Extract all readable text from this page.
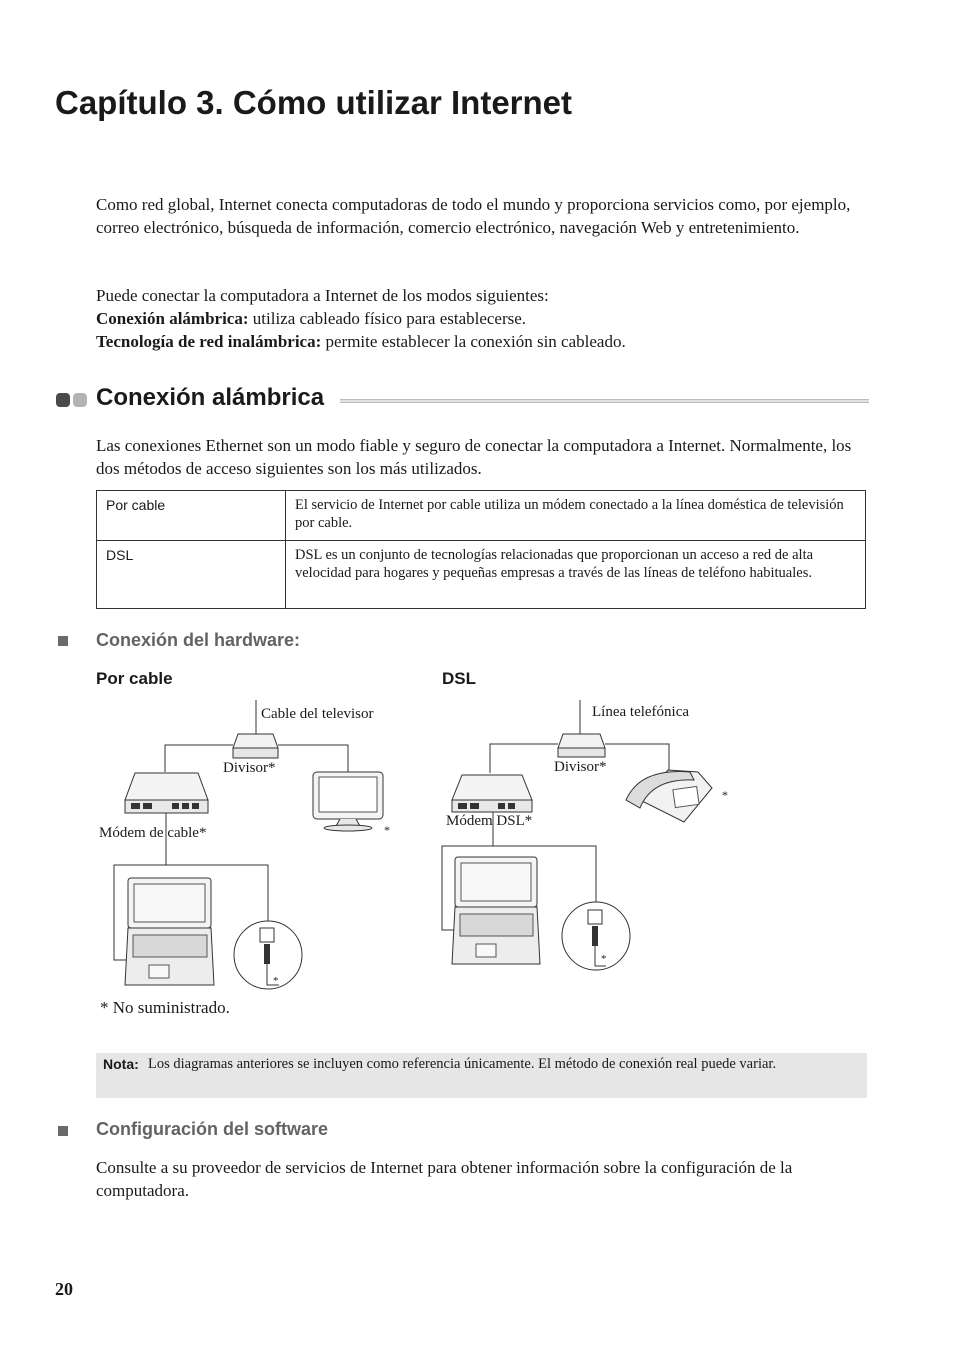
Capítulo 3. Cómo utilizar Internet
Como red global, Internet conecta computadoras de todo el mundo y proporciona servicios como, por ejemplo, correo electrónico, búsqueda de información, comercio electrónico, navegación Web y entretenimiento.
Puede conectar la computadora a Internet de los modos siguientes:
Conexión alámbrica: utiliza cableado físico para establecerse.
Tecnología de red inalámbrica: permite establecer la conexión sin cableado.
Conexión alámbrica
Las conexiones Ethernet son un modo fiable y seguro de conectar la computadora a Internet. Normalmente, los dos métodos de acceso siguientes son los más utilizados.
Por cable	El servicio de Internet por cable utiliza un módem conectado a la línea doméstica de televisión por cable.
DSL	DSL es un conjunto de tecnologías relacionadas que proporcionan un acceso a red de alta velocidad para hogares y pequeñas empresas a través de las líneas de teléfono habituales.
Conexión del hardware:
Por cable	DSL
Cable del televisor
Divisor*
Módem de cable*	*
*
Línea telefónica
Divisor*
Módem DSL*
*
*
* No suministrado.
Nota: Los diagramas anteriores se incluyen como referencia únicamente. El método de conexión real puede variar.
Configuración del software
Consulte a su proveedor de servicios de Internet para obtener información sobre la configuración de la computadora.
20
